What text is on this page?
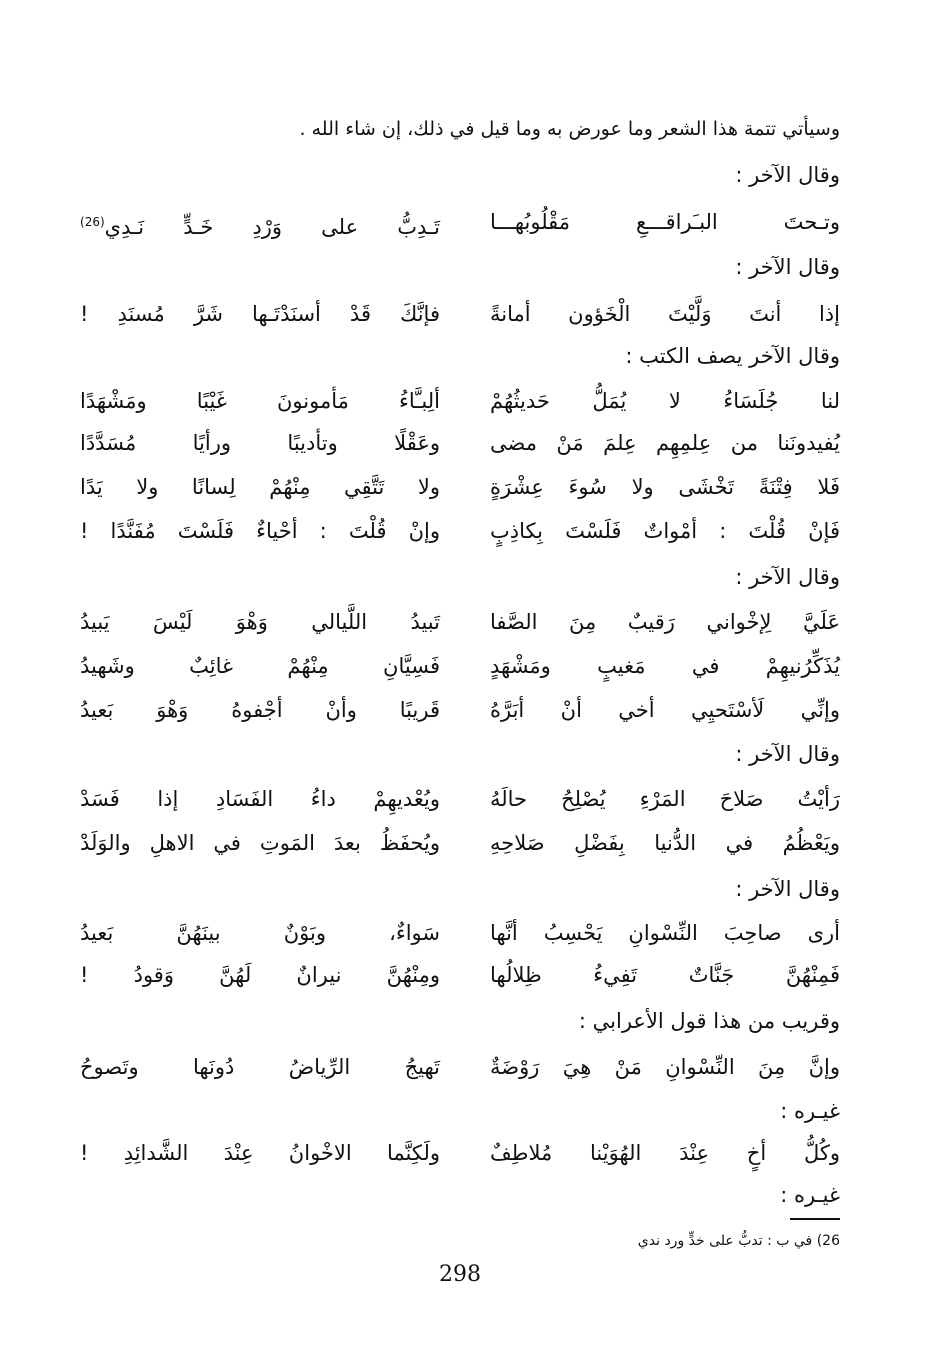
وسيأتي تتمة هذا الشعر وما عورض به وما قيل في ذلك، إن شاء الله .
وقال الآخر :
وتـحتَ البـَراقـــعِ مَقْلُوبُهـــا
تَـدِبُّ على وَرْدِ خَـدٍّ نَـدِي$^{(26)}$
وقال الآخر :
إذا أنتَ وَلَّيْتَ الْخَؤون أمانةً
فإنَّكَ قَدْ أسنَدْتَـها شَرَّ مُسنَدِ !
وقال الآخر يصف الكتب :
لنا جُلَسَاءُ لا يُمَلُّ حَديثُهُمْ
ألِبـَّاءُ مَأمونونَ غَيْبًا ومَشْهَدًا
يُفيدونَنا من عِلمِهِم عِلمَ مَنْ مضى
وعَقْلًا وتأديبًا ورأيًا مُسَدَّدًا
فَلا فِتْنَةً تَخْشَى ولا سُوءَ عِشْرَةٍ
ولا تَتَّقِي مِنْهُمْ لِسانًا ولا يَدًا
فَإنْ قُلْتَ : أمْواتٌ فَلَسْتَ بِكاذِبٍ
وإنْ قُلْتَ : أحْياءٌ فَلَسْتَ مُفَنَّدًا !
وقال الآخر :
عَلَيَّ لِإخْواني رَقيبٌ مِنَ الصَّفا
تَبيدُ اللَّيالي وَهْوَ لَيْسَ يَبيدُ
يُذَكِّرُنيهِمْ في مَغيبٍ ومَشْهَدٍ
فَسِيَّانِ مِنْهُمْ غائِبٌ وشَهيدُ
وإنِّي لَأسْتَحيِي أخي أنْ أبَرَّهُ
قَريبًا وأنْ أجْفوهُ وَهْوَ بَعيدُ
وقال الآخر :
رَأيْتُ صَلاحَ المَرْءِ يُصْلِحُ حالَهُ
ويُعْديهِمْ داءُ الفَسَادِ إذا فَسَدْ
ويَعْظُمُ في الدُّنيا بِفَضْلِ صَلاحِهِ
ويُحفَظُ بعدَ المَوتِ في الاهلِ والوَلَدْ
وقال الآخر :
أرى صاحِبَ النِّسْوانِ يَحْسِبُ أنَّها
سَواءٌ، وبَوْنٌ بينَهُنَّ بَعيدُ
فَمِنْهُنَّ جَنَّاتٌ تَفِيءُ ظِلالُها
ومِنْهُنَّ نيرانٌ لَهُنَّ وَقودُ !
وقريب من هذا قول الأعرابي :
وإنَّ مِنَ النِّسْوانِ مَنْ هِيَ رَوْضَةٌ
تَهيجُ الرِّياضُ دُونَها وتَصوحُ
غيـره :
وكُلُّ أخٍ عِنْدَ الهُوَيْنا مُلاطِفٌ
ولَكِنَّما الاخْوانُ عِنْدَ الشَّدائِدِ !
غيـره :
26) في ب : تدبُّ على خدٍّ ورد ندي
298
